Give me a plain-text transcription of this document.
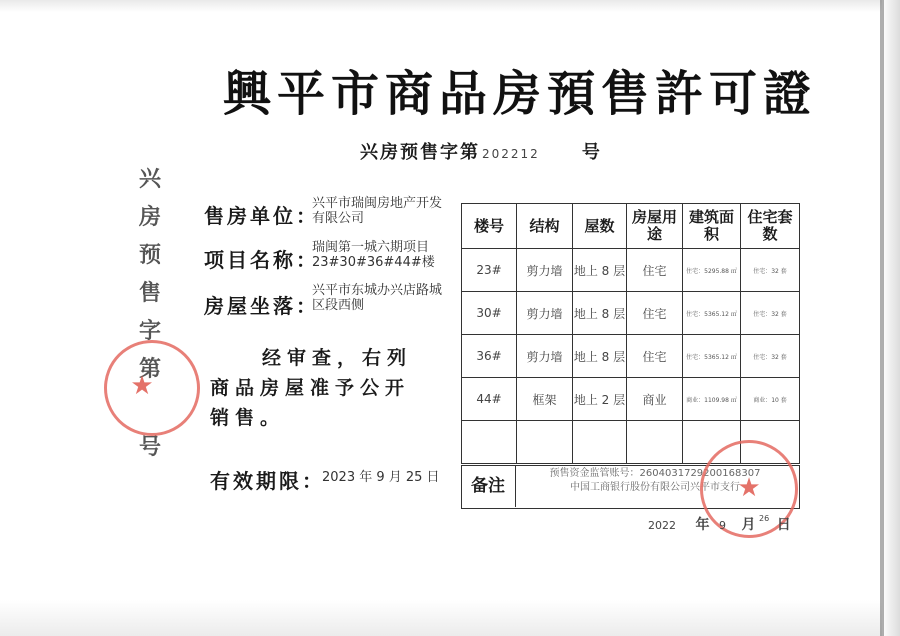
興平市商品房預售許可證
兴房预售字第 202212 号
兴
房
预
售
字
第
号
★
售房单位：
兴平市瑞闽房地产开发有限公司
项目名称：
瑞闽第一城六期项目23#30#36#44#楼
房屋坐落：
兴平市东城办兴店路城区段西侧
经审查，右列
商品房屋准予公开
销售。
有效期限：
2023 年 9 月 25 日
楼号	结构	屋数	房屋用途	建筑面积	住宅套数
23#	剪力墙	地上 8 层	住宅	住宅：5295.88 ㎡	住宅：32 套
30#	剪力墙	地上 8 层	住宅	住宅：5365.12 ㎡	住宅：32 套
36#	剪力墙	地上 8 层	住宅	住宅：5365.12 ㎡	住宅：32 套
44#	框架	地上 2 层	商业	商业：1109.98 ㎡	商业：10 套

备注
预售资金监管账号：2604031729200168307
中国工商银行股份有限公司兴平市支行
★
2022 年 9 月 $^{26}$ 日
